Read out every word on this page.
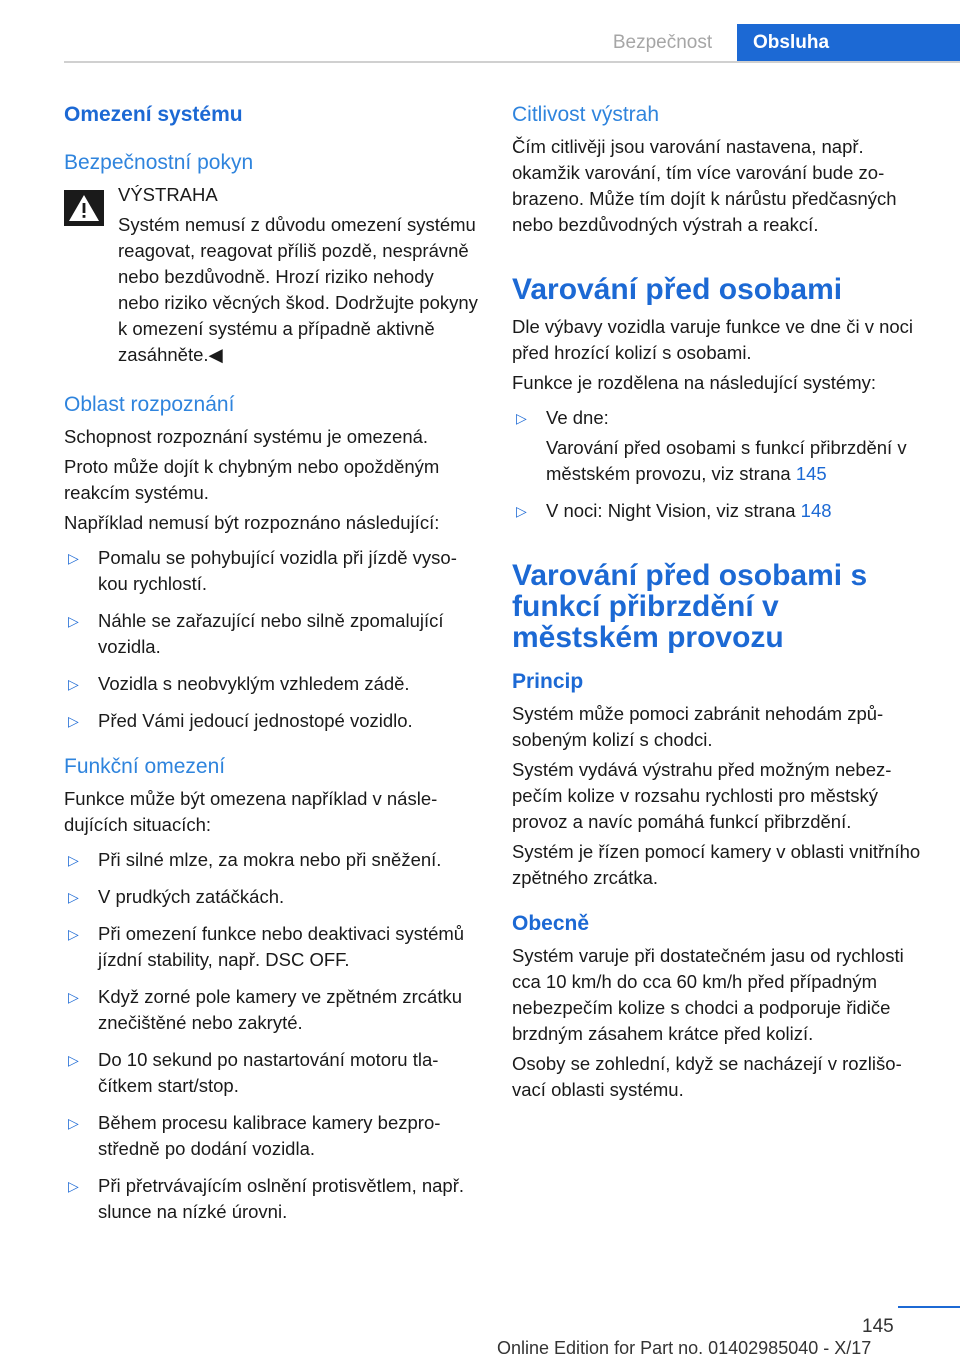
Bezpečnost	Obsluha
Omezení systému
Bezpečnostní pokyn
VÝSTRAHA
Systém nemusí z důvodu omezení systému reagovat, reagovat příliš pozdě, nesprávně nebo bezdůvodně. Hrozí riziko nehody nebo riziko věcných škod. Dodržujte pokyny k omezení systému a případně aktivně zasáhněte.◀
Oblast rozpoznání

Schopnost rozpoznání systému je omezená.

Proto může dojít k chybným nebo opožděným reakcím systému.

Například nemusí být rozpoznáno následující:

▷ Pomalu se pohybující vozidla při jízdě vysokou rychlostí.
▷ Náhle se zařazující nebo silně zpomalující vozidla.
▷ Vozidla s neobvyklým vzhledem zádě.
▷ Před Vámi jedoucí jednostopé vozidlo.
Funkční omezení

Funkce může být omezena například v následujících situacích:

▷ Při silné mlze, za mokra nebo při sněžení.
▷ V prudkých zatáčkách.
▷ Při omezení funkce nebo deaktivaci systémů jízdní stability, např. DSC OFF.
▷ Když zorné pole kamery ve zpětném zrcátku znečištěné nebo zakryté.
▷ Do 10 sekund po nastartování motoru tlačítkem start/stop.
▷ Během procesu kalibrace kamery bezprostředně po dodání vozidla.
▷ Při přetrvávajícím oslnění protisvětlem, např. slunce na nízké úrovni.
Citlivost výstrah

Čím citlivěji jsou varování nastavena, např. okamžik varování, tím více varování bude zobrazeno. Může tím dojít k nárůstu předčasných nebo bezdůvodných výstrah a reakcí.

Varování před osobami

Dle výbavy vozidla varuje funkce ve dne či v noci před hrozící kolizí s osobami.

Funkce je rozdělena na následující systémy:

▷ Ve dne:
Varování před osobami s funkcí přibrzdění v městském provozu, viz strana 145
▷ V noci: Night Vision, viz strana 148
Varování před osobami s funkcí přibrzdění v městském provozu
Princip

Systém může pomoci zabránit nehodám způsobeným kolizí s chodci.

Systém vydává výstrahu před možným nebezpečím kolize v rozsahu rychlosti pro městský provoz a navíc pomáhá funkcí přibrzdění.

Systém je řízen pomocí kamery v oblasti vnitřního zpětného zrcátka.

Obecně

Systém varuje při dostatečném jasu od rychlosti cca 10 km/h do cca 60 km/h před případným nebezpečím kolize s chodci a podporuje řidiče brzdným zásahem krátce před kolizí.

Osoby se zohlední, když se nacházejí v rozlišovací oblasti systému.

145
Online Edition for Part no. 01402985040 - X/17
